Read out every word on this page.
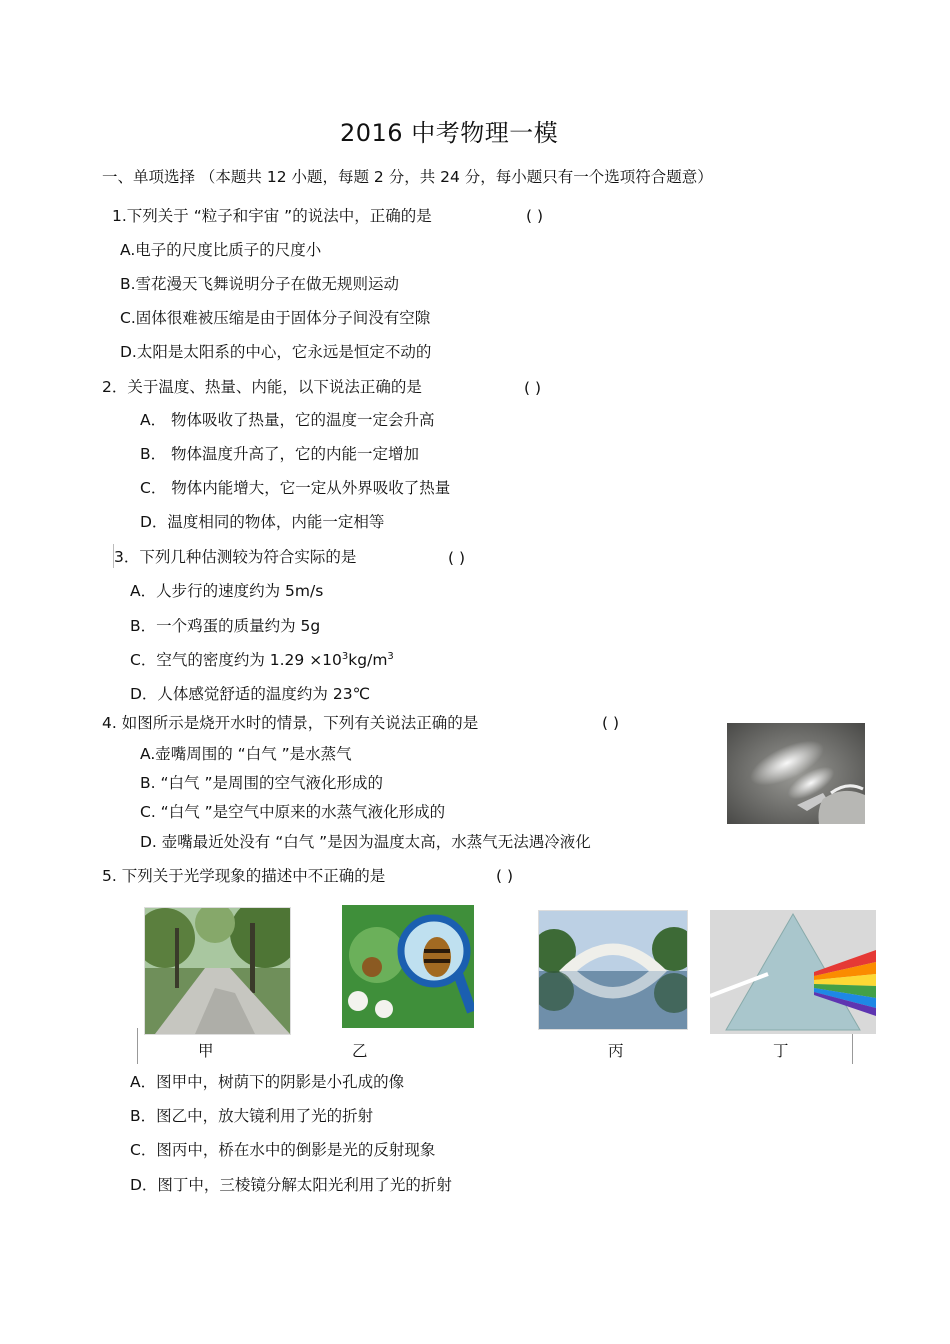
2016 中考物理一模
一、单项选择 （本题共 12 小题，每题 2 分，共 24 分，每小题只有一个选项符合题意）
1.下列关于 “粒子和宇宙 ”的说法中，正确的是	( )
A.电子的尺度比质子的尺度小
B.雪花漫天飞舞说明分子在做无规则运动
C.固体很难被压缩是由于固体分子间没有空隙
D.太阳是太阳系的中心，它永远是恒定不动的
2．关于温度、热量、内能，以下说法正确的是	( )
A． 物体吸收了热量，它的温度一定会升高
B． 物体温度升高了，它的内能一定增加
C． 物体内能增大，它一定从外界吸收了热量
D．温度相同的物体，内能一定相等
3．下列几种估测较为符合实际的是	( )
A．人步行的速度约为 5m/s
B．一个鸡蛋的质量约为 5g
C．空气的密度约为 $1.29 \times 10^3kg/m^3$
D．人体感觉舒适的温度约为 23℃
4. 如图所示是烧开水时的情景，下列有关说法正确的是	( )
A.壶嘴周围的 “白气 ”是水蒸气
B. “白气 ”是周围的空气液化形成的
C. “白气 ”是空气中原来的水蒸气液化形成的
D. 壶嘴最近处没有 “白气 ”是因为温度太高，水蒸气无法遇冷液化
5. 下列关于光学现象的描述中不正确的是	( )
甲	乙	丙	丁
A．图甲中，树荫下的阴影是小孔成的像
B．图乙中，放大镜利用了光的折射
C．图丙中，桥在水中的倒影是光的反射现象
D．图丁中，三棱镜分解太阳光利用了光的折射
